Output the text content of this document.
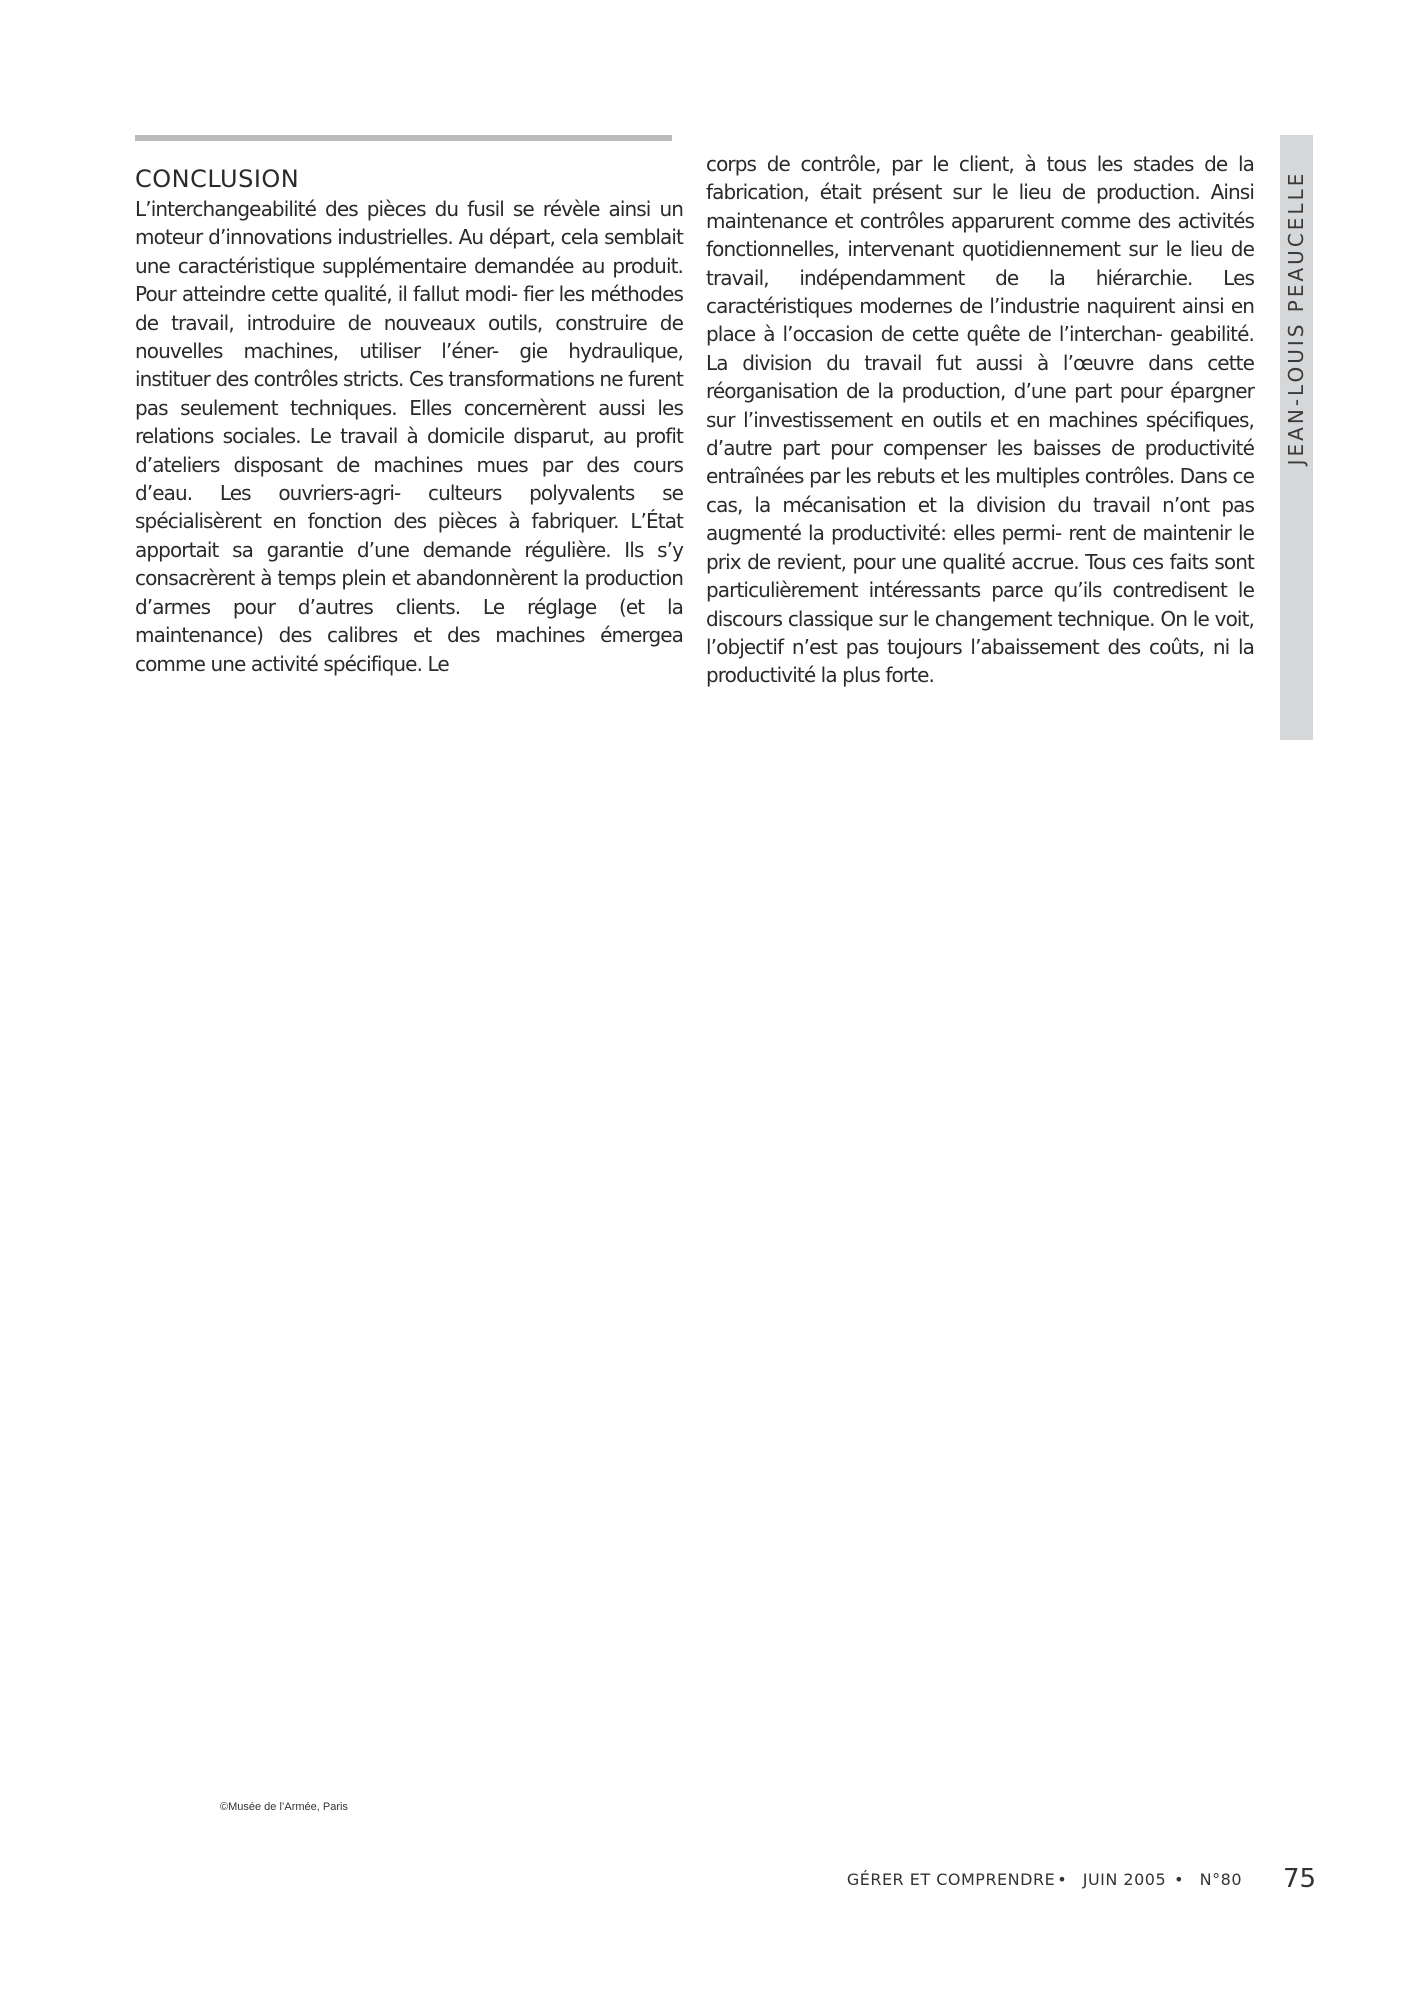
CONCLUSION

L’interchangeabilité des pièces du fusil se révèle ainsi un moteur d’innovations industrielles. Au départ, cela semblait une caractéristique supplémentaire demandée au produit. Pour atteindre cette qualité, il fallut modi- fier les méthodes de travail, introduire de nouveaux outils, construire de nouvelles machines, utiliser l’éner- gie hydraulique, instituer des contrôles stricts. Ces transformations ne furent pas seulement techniques. Elles concernèrent aussi les relations sociales. Le travail à domicile disparut, au profit d’ateliers disposant de machines mues par des cours d’eau. Les ouvriers-agri- culteurs polyvalents se spécialisèrent en fonction des pièces à fabriquer. L’État apportait sa garantie d’une demande régulière. Ils s’y consacrèrent à temps plein et abandonnèrent la production d’armes pour d’autres clients. Le réglage (et la maintenance) des calibres et des machines émergea comme une activité spécifique. Le

corps de contrôle, par le client, à tous les stades de la fabrication, était présent sur le lieu de production. Ainsi maintenance et contrôles apparurent comme des activités fonctionnelles, intervenant quotidiennement sur le lieu de travail, indépendamment de la hiérarchie. Les caractéristiques modernes de l’industrie naquirent ainsi en place à l’occasion de cette quête de l’interchan- geabilité. La division du travail fut aussi à l’œuvre dans cette réorganisation de la production, d’une part pour épargner sur l’investissement en outils et en machines spécifiques, d’autre part pour compenser les baisses de productivité entraînées par les rebuts et les multiples contrôles. Dans ce cas, la mécanisation et la division du travail n’ont pas augmenté la productivité: elles permi- rent de maintenir le prix de revient, pour une qualité accrue. Tous ces faits sont particulièrement intéressants parce qu’ils contredisent le discours classique sur le changement technique. On le voit, l’objectif n’est pas toujours l’abaissement des coûts, ni la productivité la plus forte.

JEAN-LOUIS PEAUCELLE
©Musée de l’Armée, Paris
GÉRER ET COMPRENDRE • JUIN 2005 • N°80 75
